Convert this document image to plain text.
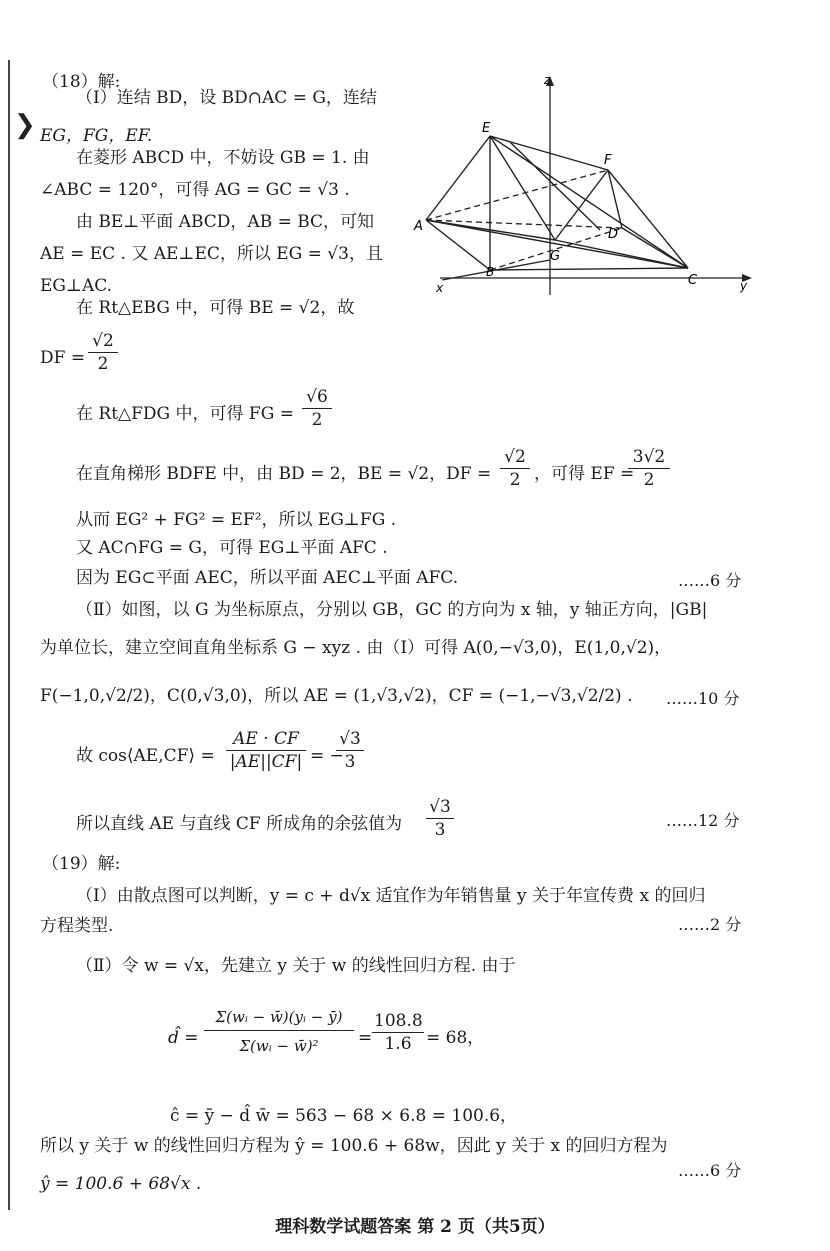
❯
（18）解:
（Ⅰ）连结 BD，设 BD∩AC = G，连结
EG，FG，EF.
在菱形 ABCD 中，不妨设 GB = 1. 由
∠ABC = 120°，可得 AG = GC = √3 .
由 BE⊥平面 ABCD，AB = BC，可知
AE = EC . 又 AE⊥EC，所以 EG = √3，且
EG⊥AC.
在 Rt△EBG 中，可得 BE = √2，故
DF = $\frac{√2}{2}$
在 Rt△FDG 中，可得 FG = $\frac{√6}{2}$
在直角梯形 BDFE 中，由 BD = 2，BE = √2，DF = $\frac{√2}{2}$ ，可得 EF =
$\frac{3√2}{2}$
从而 EG² + FG² = EF²，所以 EG⊥FG .
又 AC∩FG = G，可得 EG⊥平面 AFC .
因为 EG⊂平面 AEC，所以平面 AEC⊥平面 AFC.	……6 分
（Ⅱ）如图，以 G 为坐标原点，分别以 GB，GC 的方向为 x 轴，y 轴正方向，|GB|
为单位长，建立空间直角坐标系 G − xyz . 由（Ⅰ）可得 A(0,−√3,0)，E(1,0,√2)，
F(−1,0,√2/2)，C(0,√3,0)，所以 AE = (1,√3,√2)，CF = (−1,−√3,√2/2) . ……10 分
故 cos⟨AE,CF⟩ = $\frac{AE \cdot CF}{|AE||CF|}$ = −
$\frac{√3}{3}$
所以直线 AE 与直线 CF 所成角的余弦值为 $\frac{√3}{3}$	……12 分
（19）解:
（Ⅰ）由散点图可以判断，y = c + d√x 适宜作为年销售量 y 关于年宣传费 x 的回归
方程类型.	……2 分
（Ⅱ）令 w = √x，先建立 y 关于 w 的线性回归方程. 由于
d̂ = $\frac{\text{Σ(wᵢ − w̄)(yᵢ − ȳ)}}{\text{Σ(wᵢ − w̄)²}} = \frac{108.8}{1.6} = 68$，
ĉ = ȳ − d̂ w̄ = 563 − 68 × 6.8 = 100.6，
所以 y 关于 w 的线性回归方程为 ŷ = 100.6 + 68w，因此 y 关于 x 的回归方程为
ŷ = 100.6 + 68√x .
……6 分
z
E
F
A
D
G
B
C
x	y
理科数学试题答案 第 2 页（共5页）
